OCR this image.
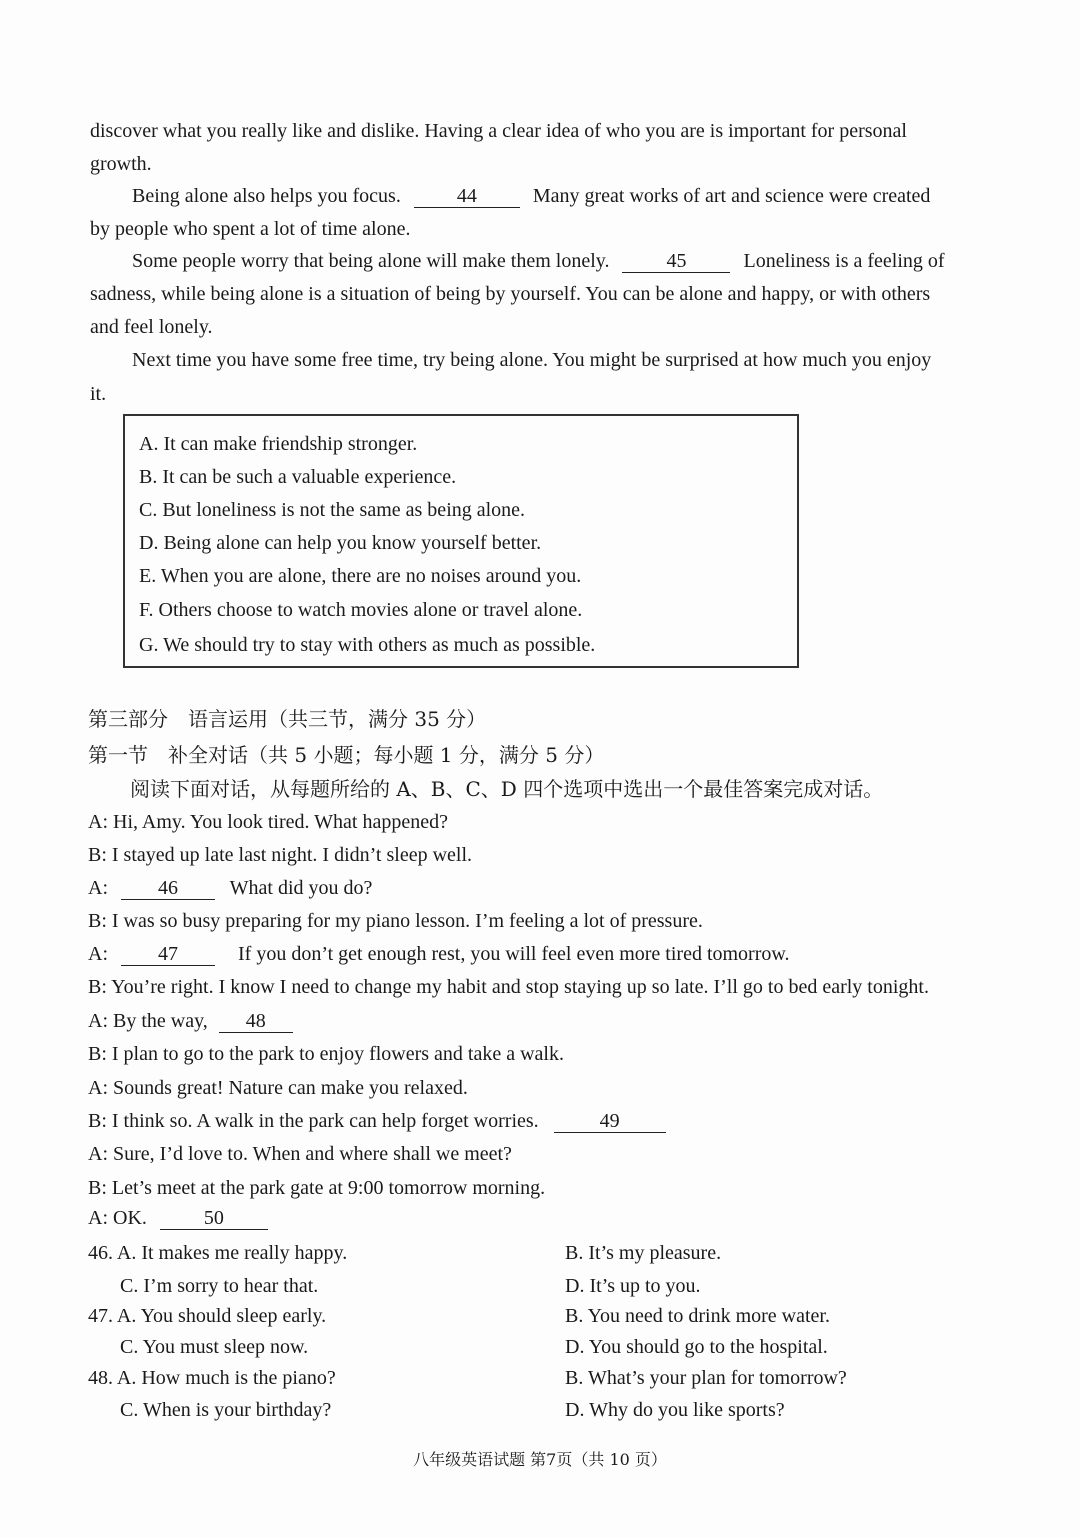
discover what you really like and dislike. Having a clear idea of who you are is important for personal
growth.
Being alone also helps you focus.	44	Many great works of art and science were created
by people who spent a lot of time alone.
Some people worry that being alone will make them lonely.	45	Loneliness is a feeling of
sadness, while being alone is a situation of being by yourself. You can be alone and happy, or with others
and feel lonely.
Next time you have some free time, try being alone. You might be surprised at how much you enjoy
it.
A. It can make friendship stronger.
B. It can be such a valuable experience.
C. But loneliness is not the same as being alone.
D. Being alone can help you know yourself better.
E. When you are alone, there are no noises around you.
F. Others choose to watch movies alone or travel alone.
G. We should try to stay with others as much as possible.
第三部分　语言运用（共三节，满分 35 分）
第一节　补全对话（共 5 小题；每小题 1 分，满分 5 分）
阅读下面对话，从每题所给的 A、B、C、D 四个选项中选出一个最佳答案完成对话。
A: Hi, Amy. You look tired. What happened?
B: I stayed up late last night. I didn’t sleep well.
A:	46	What did you do?
B: I was so busy preparing for my piano lesson. I’m feeling a lot of pressure.
A:	47	If you don’t get enough rest, you will feel even more tired tomorrow.
B: You’re right. I know I need to change my habit and stop staying up so late. I’ll go to bed early tonight.
A: By the way, 48
B: I plan to go to the park to enjoy flowers and take a walk.
A: Sounds great! Nature can make you relaxed.
B: I think so. A walk in the park can help forget worries.	49
A: Sure, I’d love to. When and where shall we meet?
B: Let’s meet at the park gate at 9:00 tomorrow morning.
A: OK.	50
46. A. It makes me really happy.	B. It’s my pleasure.
C. I’m sorry to hear that.	D. It’s up to you.
47. A. You should sleep early.	B. You need to drink more water.
C. You must sleep now.	D. You should go to the hospital.
48. A. How much is the piano?	B. What’s your plan for tomorrow?
C. When is your birthday?	D. Why do you like sports?
八年级英语试题 第7页（共 10 页）
